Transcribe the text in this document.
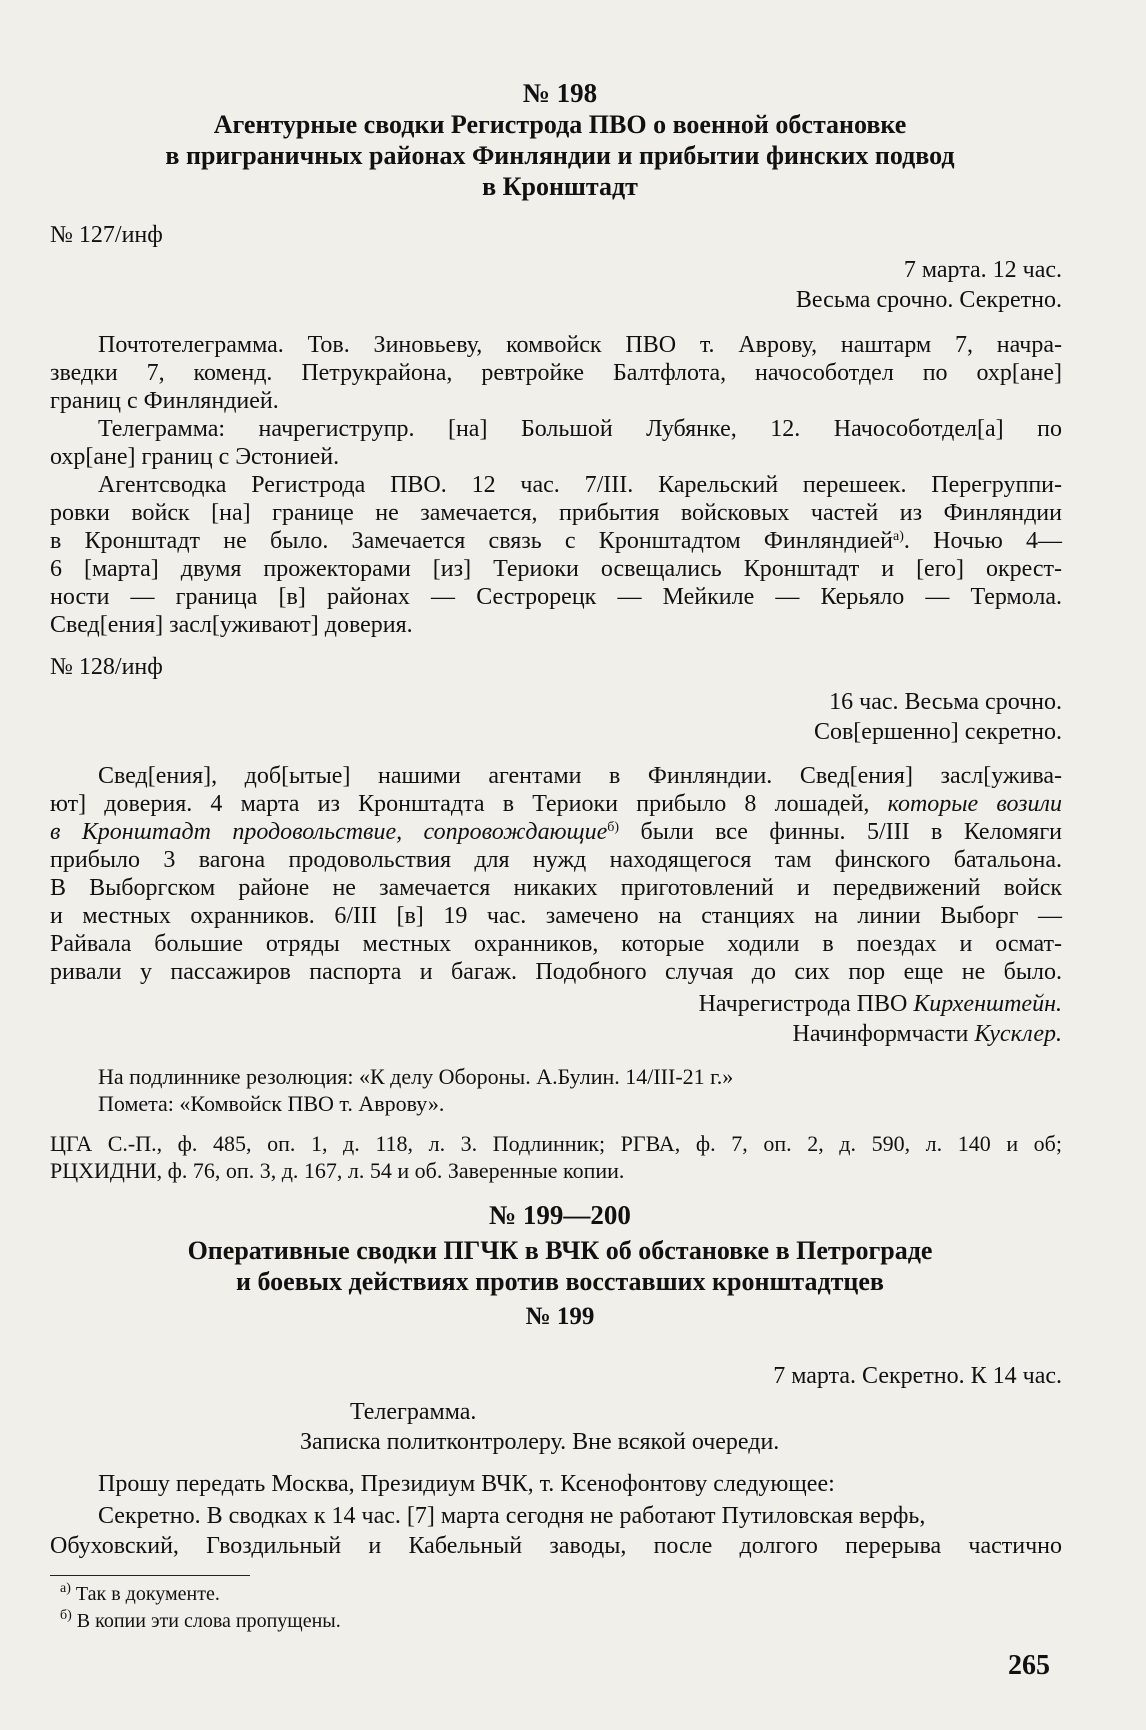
№ 198
Агентурные сводки Регистрода ПВО о военной обстановке
в приграничных районах Финляндии и прибытии финских подвод
в Кронштадт
№ 127/инф
7 марта. 12 час.
Весьма срочно. Секретно.
Почтотелеграмма. Тов. Зиновьеву, комвойск ПВО т. Аврову, наштарм 7, начра-
зведки 7, коменд. Петрукрайона, ревтройке Балтфлота, начособотдел по охр[ане]
границ с Финляндией.
Телеграмма: начрегиструпр. [на] Большой Лубянке, 12. Начособотдел[а] по
охр[ане] границ с Эстонией.
Агентсводка Регистрода ПВО. 12 час. 7/III. Карельский перешеек. Перегруппи-
ровки войск [на] границе не замечается, прибытия войсковых частей из Финляндии
в Кронштадт не было. Замечается связь с Кронштадтом Финляндией$^{а)}$. Ночью 4—
6 [марта] двумя прожекторами [из] Териоки освещались Кронштадт и [его] окрест-
ности — граница [в] районах — Сестрорецк — Мейкиле — Керьяло — Термола.
Свед[ения] засл[уживают] доверия.
№ 128/инф
16 час. Весьма срочно.
Сов[ершенно] секретно.
Свед[ения], доб[ытые] нашими агентами в Финляндии. Свед[ения] засл[ужива-
ют] доверия. 4 марта из Кронштадта в Териоки прибыло 8 лошадей, которые возили
в Кронштадт продовольствие, сопровождающие$^{б)}$ были все финны. 5/III в Келомяги
прибыло 3 вагона продовольствия для нужд находящегося там финского батальона.
В Выборгском районе не замечается никаких приготовлений и передвижений войск
и местных охранников. 6/III [в] 19 час. замечено на станциях на линии Выборг —
Райвала большие отряды местных охранников, которые ходили в поездах и осмат-
ривали у пассажиров паспорта и багаж. Подобного случая до сих пор еще не было.
Начрегистрода ПВО Кирхенштейн.
Начинформчасти Кусклер.
На подлиннике резолюция: «К делу Обороны. А.Булин. 14/III-21 г.»
Помета: «Комвойск ПВО т. Аврову».
ЦГА С.-П., ф. 485, оп. 1, д. 118, л. 3. Подлинник; РГВА, ф. 7, оп. 2, д. 590, л. 140 и об;
РЦХИДНИ, ф. 76, оп. 3, д. 167, л. 54 и об. Заверенные копии.
№ 199—200
Оперативные сводки ПГЧК в ВЧК об обстановке в Петрограде
и боевых действиях против восставших кронштадтцев
№ 199
7 марта. Секретно. К 14 час.
Телеграмма.
Записка политконтролеру. Вне всякой очереди.
Прошу передать Москва, Президиум ВЧК, т. Ксенофонтову следующее:
Секретно. В сводках к 14 час. [7] марта сегодня не работают Путиловская верфь,
Обуховский, Гвоздильный и Кабельный заводы, после долгого перерыва частично
$^{а)}$ Так в документе.
$^{б)}$ В копии эти слова пропущены.
265
